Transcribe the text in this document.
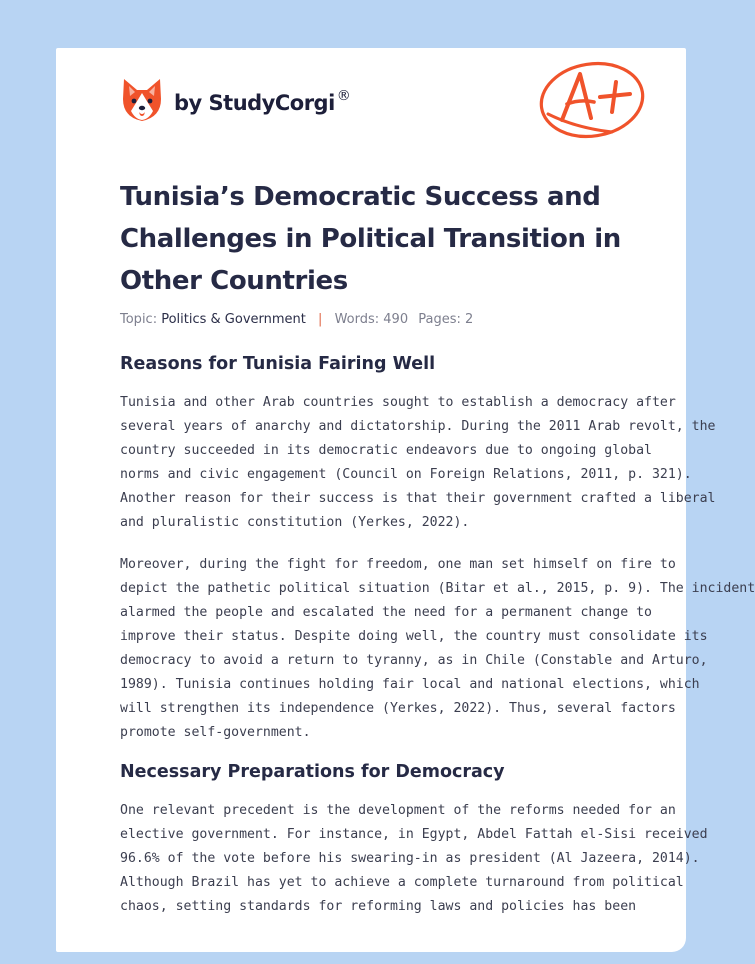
by StudyCorgi ®
Tunisia’s Democratic Success and Challenges in Political Transition in Other Countries
Topic: Politics & Government | Words: 490 Pages: 2
Reasons for Tunisia Fairing Well

Tunisia and other Arab countries sought to establish a democracy after
several years of anarchy and dictatorship. During the 2011 Arab revolt, the
country succeeded in its democratic endeavors due to ongoing global
norms and civic engagement (Council on Foreign Relations, 2011, p. 321).
Another reason for their success is that their government crafted a liberal
and pluralistic constitution (Yerkes, 2022).

Moreover, during the fight for freedom, one man set himself on fire to
depict the pathetic political situation (Bitar et al., 2015, p. 9). The incident
alarmed the people and escalated the need for a permanent change to
improve their status. Despite doing well, the country must consolidate its
democracy to avoid a return to tyranny, as in Chile (Constable and Arturo,
1989). Tunisia continues holding fair local and national elections, which
will strengthen its independence (Yerkes, 2022). Thus, several factors
promote self-government.

Necessary Preparations for Democracy

One relevant precedent is the development of the reforms needed for an
elective government. For instance, in Egypt, Abdel Fattah el-Sisi received
96.6% of the vote before his swearing-in as president (Al Jazeera, 2014).
Although Brazil has yet to achieve a complete turnaround from political
chaos, setting standards for reforming laws and policies has been
